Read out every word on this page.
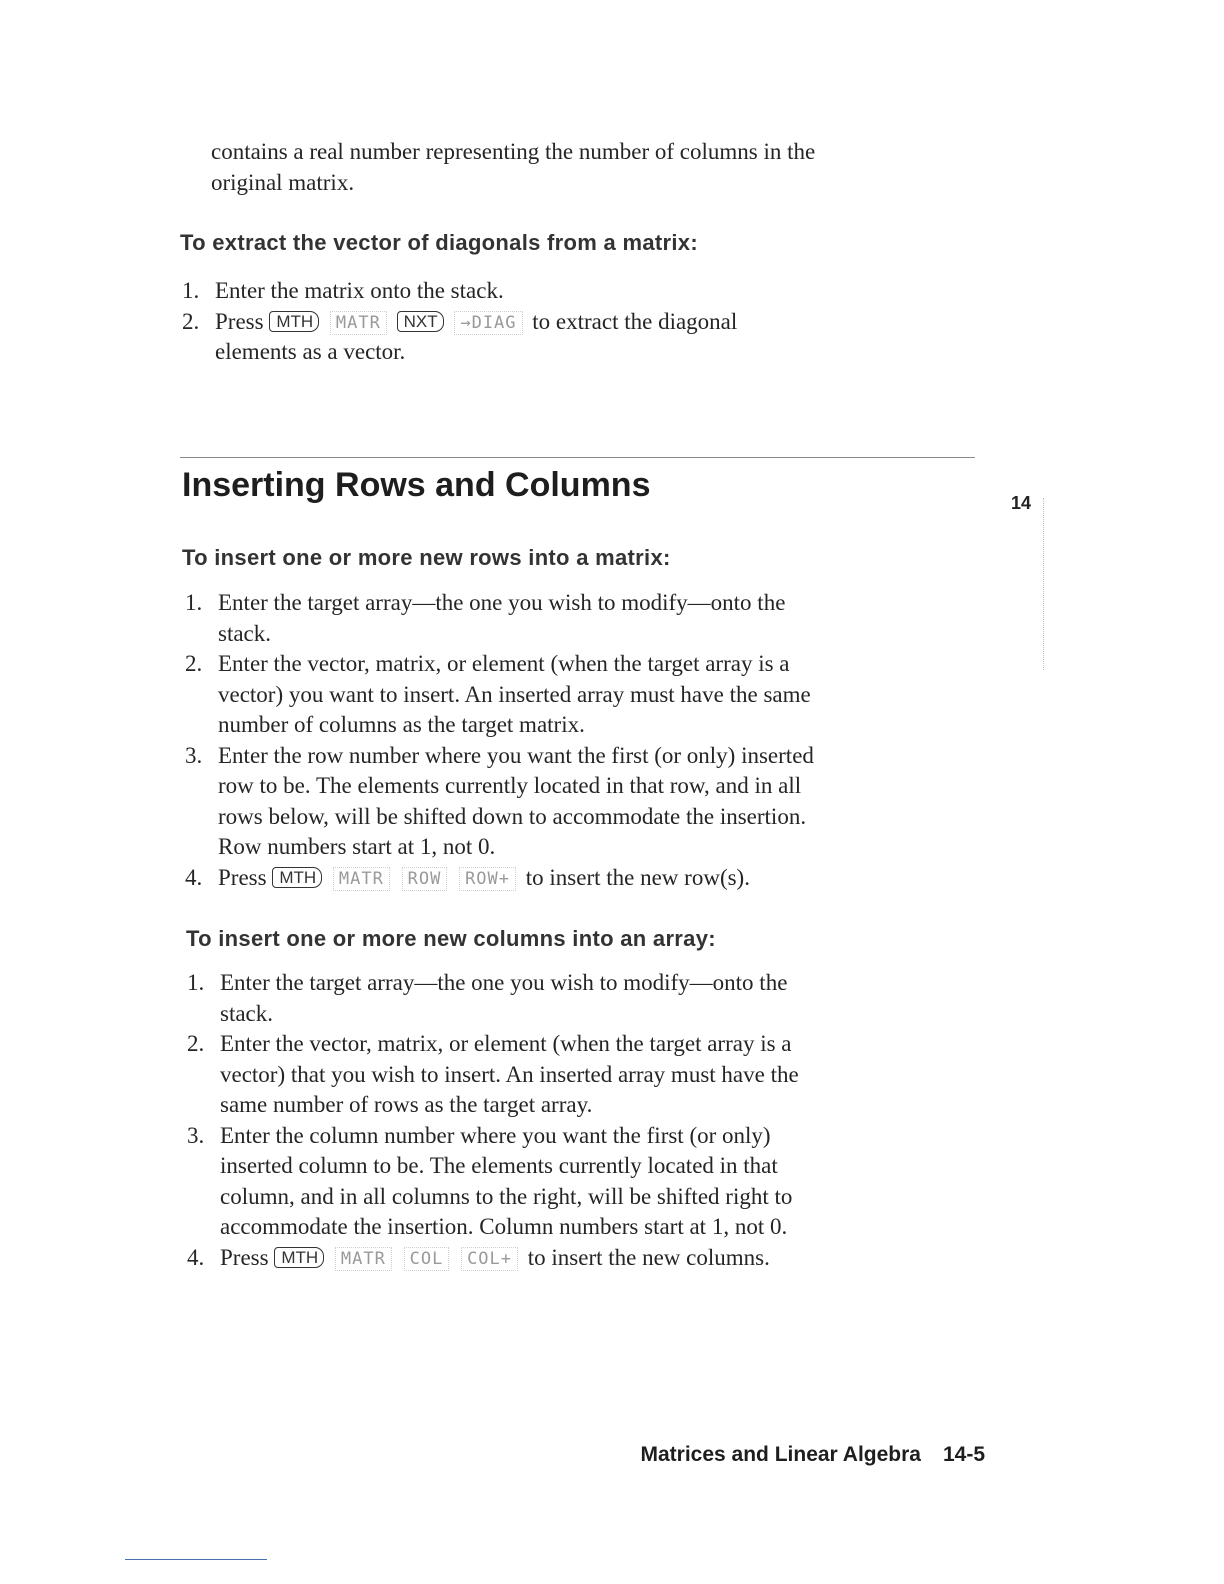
contains a real number representing the number of columns in the
original matrix.
To extract the vector of diagonals from a matrix:
1. Enter the matrix onto the stack.
2. Press MTH MATR NXT →DIAG to extract the diagonal
elements as a vector.
Inserting Rows and Columns	14
To insert one or more new rows into a matrix:
1. Enter the target array—the one you wish to modify—onto the
stack.
2. Enter the vector, matrix, or element (when the target array is a
vector) you want to insert. An inserted array must have the same
number of columns as the target matrix.
3. Enter the row number where you want the first (or only) inserted
row to be. The elements currently located in that row, and in all
rows below, will be shifted down to accommodate the insertion.
Row numbers start at 1, not 0.
4. Press MTH MATR ROW ROW+ to insert the new row(s).
To insert one or more new columns into an array:
1. Enter the target array—the one you wish to modify—onto the
stack.
2. Enter the vector, matrix, or element (when the target array is a
vector) that you wish to insert. An inserted array must have the
same number of rows as the target array.
3. Enter the column number where you want the first (or only)
inserted column to be. The elements currently located in that
column, and in all columns to the right, will be shifted right to
accommodate the insertion. Column numbers start at 1, not 0.
4. Press MTH MATR COL COL+ to insert the new columns.
Matrices and Linear Algebra 14-5
